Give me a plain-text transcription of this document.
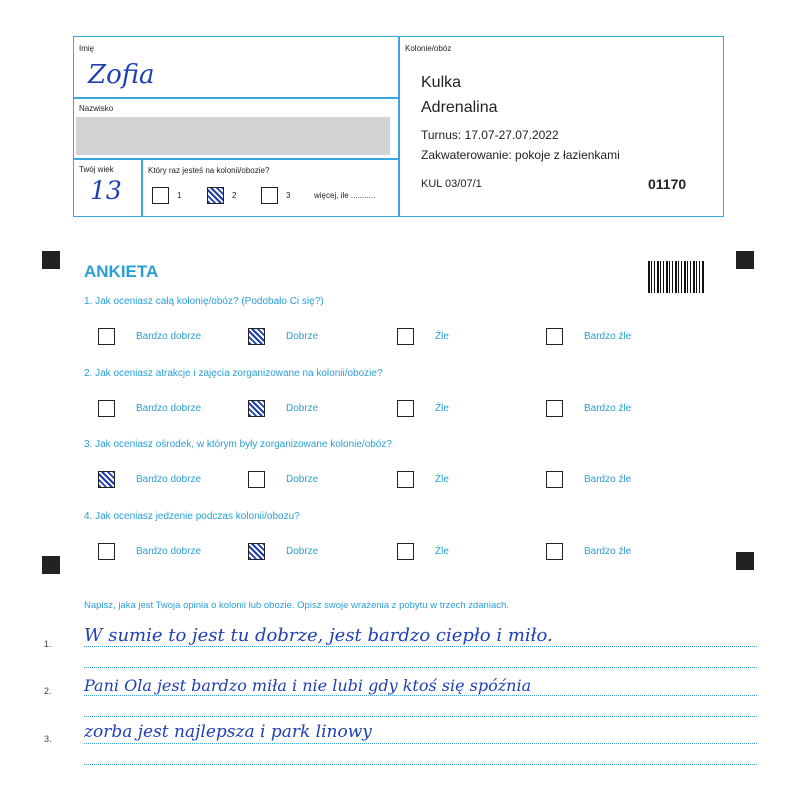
Imię
Zofia
Nazwisko
Twój wiek
13
Który raz jesteś na kolonii/obozie?
1	2	3	więcej, ile ...........
Kolonie/obóz
Kulka
Adrenalina
Turnus: 17.07-27.07.2022
Zakwaterowanie: pokoje z łazienkami
KUL 03/07/1	01170
ANKIETA
1. Jak oceniasz całą kolonię/obóz? (Podobało Ci się?)
Bardzo dobrze	Dobrze	Źle	Bardzo źle
2. Jak oceniasz atrakcje i zajęcia zorganizowane na kolonii/obozie?
Bardzo dobrze	Dobrze	Źle	Bardzo źle
3. Jak oceniasz ośrodek, w którym były zorganizowane kolonie/obóz?
Bardzo dobrze	Dobrze	Źle	Bardzo źle
4. Jak oceniasz jedzenie podczas kolonii/obozu?
Bardzo dobrze	Dobrze	Źle	Bardzo źle
Napisz, jaka jest Twoja opinia o kolonii lub obozie. Opisz swoje wrażenia z pobytu w trzech zdaniach.
1. W sumie to jest tu dobrze, jest bardzo ciepło i miło.
2. Pani Ola jest bardzo miła i nie lubi gdy ktoś się spóźnia
3. zorba jest najlepsza i park linowy
